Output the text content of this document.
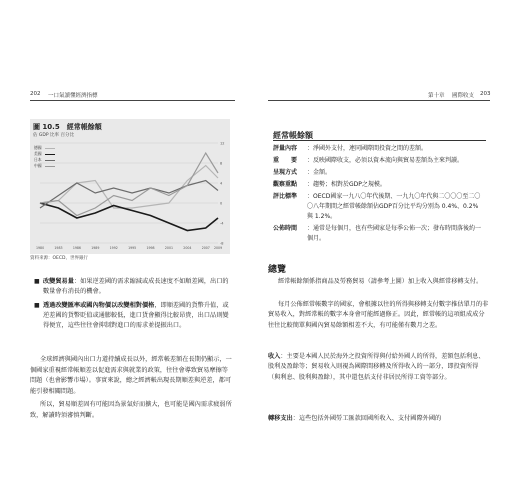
202 一口氣讀懂經濟指標
圖 10.5　經常帳餘額
佔 GDP 比率 百分比
-8
-4
0
4
8
12
1980	1983	1986	1989	1992	1995	1998	2001	2004	2007 2009
德國
美國
日本
中國
資料來源：OECD、世界銀行
■ 改變貿易量：如果逆差國的需求縮減或成長速度不如順差國，出口的數量會有消長的機會。
■ 透過改變匯率或國內物價以改變相對價格，即順差國的貨幣升值，或逆差國的貨幣貶值或通膨較低，進口貨會顯得比較昂貴，出口品則變得便宜，這些往往會抑制對進口的需求並提振出口。
全球經濟與國內出口力道持續成長以外，經常帳差額在長期仍顯示，一個國家重視經常帳順差以促進需求與就業的政策，往往會導致貿易摩擦等問題（也會影響市場）。事實來說，總之經濟帳出現長期順差與逆差，都可能引發相關問題。
所以，貿易順差固有可能因為景氣好而擴大，也可能是國內需求疲弱所致，解讀時須審慎判斷。
第十章 國際收支 203
經常帳餘額
評量內容	：淨國外支付，連同國際間投資之間的差額。
重　　要	：反映國際收支，必須以資本流向與貿易差額為主來判讀。
呈現方式	：金額。
觀察重點	：趨勢；相對於GDP之規模。
評比標準	：OECD國家一九八〇年代後期、一九九〇年代與二〇〇〇至二〇〇八年期間之經常帳餘額佔GDP百分比平均分別為 0.4%、0.2% 與 1.2%。
公佈時間	：通常是每個月，也有些國家是每季公佈一次；發布時間落後約一個月。
總覽
經常帳餘額係指商品及勞務貿易（請參考上圖）加上收入與經常移轉支付。
每月公佈經常帳數字的國家，會根據以往的所得與移轉支付數字推估單月的非貿易收入，對經常帳的數字本身會可能經過修正。因此，經常帳的這項組成成分往往比較簡單與國內貿易餘額相差不大，有可能僅有數月之差。
收入：主要是本國人民於海外之投資所得與付給外國人的所得，差額包括利息、股利及盈餘等；貿易收入則視為國際間移轉及所得收入的一部分，即投資所得（與利息、股利與盈餘），其中還包括支付非居民所得工資等部分。
轉移支出：這些包括外國勞工匯款回國所收入、支付國際外國的
